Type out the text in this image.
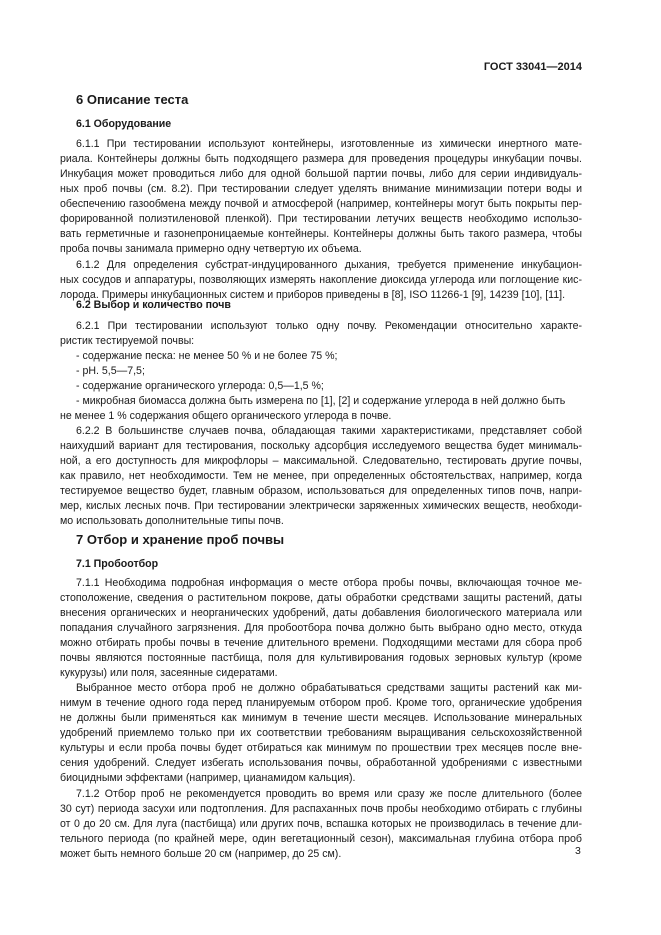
ГОСТ 33041—2014
6 Описание теста
6.1 Оборудование

6.1.1 При тестировании используют контейнеры, изготовленные из химически инертного мате-
риала. Контейнеры должны быть подходящего размера для проведения процедуры инкубации почвы.
Инкубация может проводиться либо для одной большой партии почвы, либо для серии индивидуаль-
ных проб почвы (см. 8.2). При тестировании следует уделять внимание минимизации потери воды и
обеспечению газообмена между почвой и атмосферой (например, контейнеры могут быть покрыты пер-
форированной полиэтиленовой пленкой). При тестировании летучих веществ необходимо использо-
вать герметичные и газонепроницаемые контейнеры. Контейнеры должны быть такого размера, чтобы
проба почвы занимала примерно одну четвертую их объема.

6.1.2 Для определения субстрат-индуцированного дыхания, требуется применение инкубацион-
ных сосудов и аппаратуры, позволяющих измерять накопление диоксида углерода или поглощение кис-
лорода. Примеры инкубационных систем и приборов приведены в [8], ISO 11266-1 [9], 14239 [10], [11].

6.2 Выбор и количество почв

6.2.1 При тестировании используют только одну почву. Рекомендации относительно характе-
ристик тестируемой почвы:

- содержание песка: не менее 50 % и не более 75 %;
- рН. 5,5—7,5;
- содержание органического углерода: 0,5—1,5 %;
- микробная биомасса должна быть измерена по [1], [2] и содержание углерода в ней должно быть

не менее 1 % содержания общего органического углерода в почве.

6.2.2 В большинстве случаев почва, обладающая такими характеристиками, представляет собой
наихудший вариант для тестирования, поскольку адсорбция исследуемого вещества будет минималь-
ной, а его доступность для микрофлоры – максимальной. Следовательно, тестировать другие почвы,
как правило, нет необходимости. Тем не менее, при определенных обстоятельствах, например, когда
тестируемое вещество будет, главным образом, использоваться для определенных типов почв, напри-
мер, кислых лесных почв. При тестировании электрически заряженных химических веществ, необходи-
мо использовать дополнительные типы почв.

7 Отбор и хранение проб почвы
7.1 Пробоотбор

7.1.1 Необходима подробная информация о месте отбора пробы почвы, включающая точное ме-
стоположение, сведения о растительном покрове, даты обработки средствами защиты растений, даты
внесения органических и неорганических удобрений, даты добавления биологического материала или
попадания случайного загрязнения. Для пробоотбора почва должно быть выбрано одно место, откуда
можно отбирать пробы почвы в течение длительного времени. Подходящими местами для сбора проб
почвы являются постоянные пастбища, поля для культивирования годовых зерновых культур (кроме
кукурузы) или поля, засеянные сидератами.

Выбранное место отбора проб не должно обрабатываться средствами защиты растений как ми-
нимум в течение одного года перед планируемым отбором проб. Кроме того, органические удобрения
не должны были применяться как минимум в течение шести месяцев. Использование минеральных
удобрений приемлемо только при их соответствии требованиям выращивания сельскохозяйственной
культуры и если проба почвы будет отбираться как минимум по прошествии трех месяцев после вне-
сения удобрений. Следует избегать использования почвы, обработанной удобрениями с известными
биоцидными эффектами (например, цианамидом кальция).

7.1.2 Отбор проб не рекомендуется проводить во время или сразу же после длительного (более
30 сут) периода засухи или подтопления. Для распаханных почв пробы необходимо отбирать с глубины
от 0 до 20 см. Для луга (пастбища) или других почв, вспашка которых не производилась в течение дли-
тельного периода (по крайней мере, один вегетационный сезон), максимальная глубина отбора проб
может быть немного больше 20 см (например, до 25 см).	3
